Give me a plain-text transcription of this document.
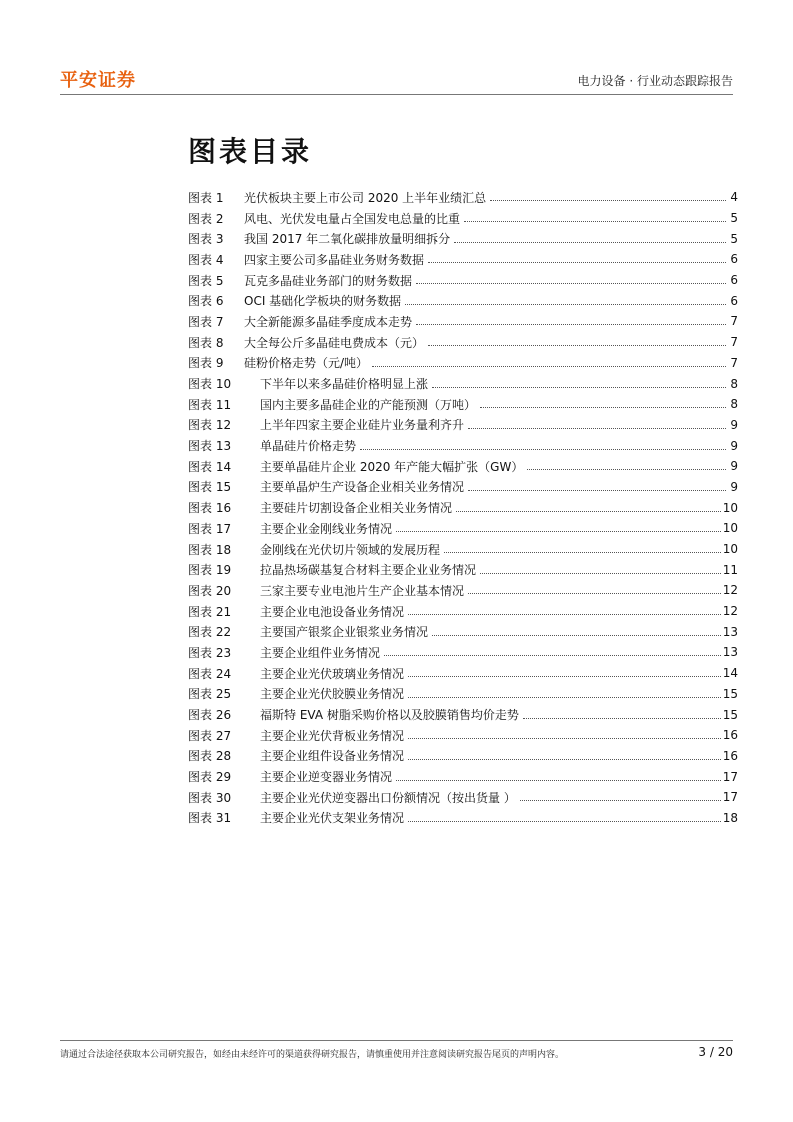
平安证券	电力设备 · 行业动态跟踪报告
图表目录
图表 1	光伏板块主要上市公司 2020 上半年业绩汇总	4
图表 2	风电、光伏发电量占全国发电总量的比重	5
图表 3	我国 2017 年二氧化碳排放量明细拆分	5
图表 4	四家主要公司多晶硅业务财务数据	6
图表 5	瓦克多晶硅业务部门的财务数据	6
图表 6	OCI 基础化学板块的财务数据	6
图表 7	大全新能源多晶硅季度成本走势	7
图表 8	大全每公斤多晶硅电费成本（元）	7
图表 9	硅粉价格走势（元/吨）	7
图表 10	下半年以来多晶硅价格明显上涨	8
图表 11	国内主要多晶硅企业的产能预测（万吨）	8
图表 12	上半年四家主要企业硅片业务量利齐升	9
图表 13	单晶硅片价格走势	9
图表 14	主要单晶硅片企业 2020 年产能大幅扩张（GW）	9
图表 15	主要单晶炉生产设备企业相关业务情况	9
图表 16	主要硅片切割设备企业相关业务情况	10
图表 17	主要企业金刚线业务情况	10
图表 18	金刚线在光伏切片领域的发展历程	10
图表 19	拉晶热场碳基复合材料主要企业业务情况	11
图表 20	三家主要专业电池片生产企业基本情况	12
图表 21	主要企业电池设备业务情况	12
图表 22	主要国产银浆企业银浆业务情况	13
图表 23	主要企业组件业务情况	13
图表 24	主要企业光伏玻璃业务情况	14
图表 25	主要企业光伏胶膜业务情况	15
图表 26	福斯特 EVA 树脂采购价格以及胶膜销售均价走势	15
图表 27	主要企业光伏背板业务情况	16
图表 28	主要企业组件设备业务情况	16
图表 29	主要企业逆变器业务情况	17
图表 30	主要企业光伏逆变器出口份额情况（按出货量 ）	17
图表 31	主要企业光伏支架业务情况	18
请通过合法途径获取本公司研究报告，如经由未经许可的渠道获得研究报告，请慎重使用并注意阅读研究报告尾页的声明内容。	3 / 20
